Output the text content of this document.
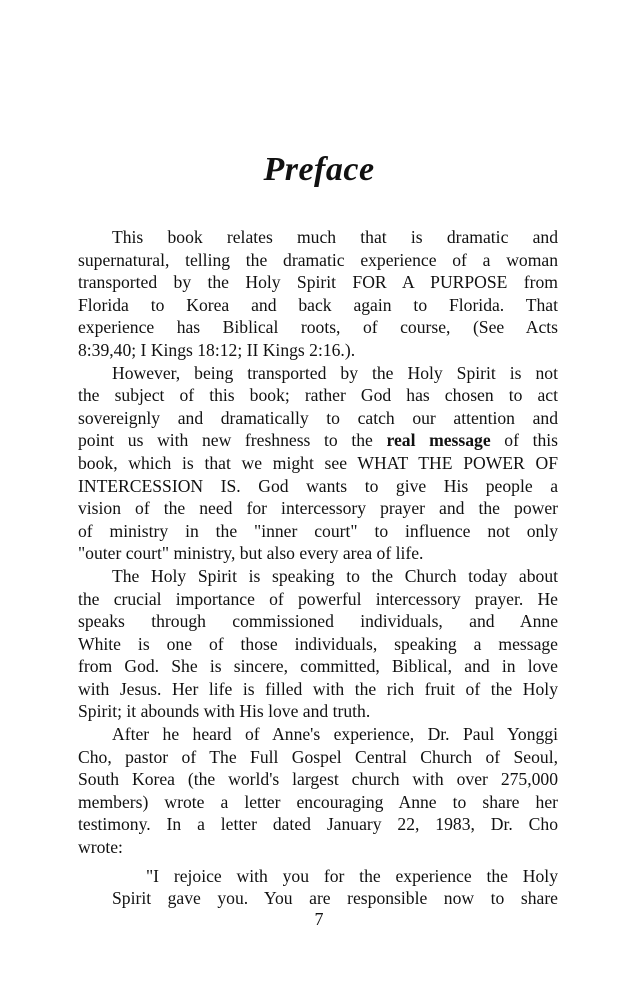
Preface
This book relates much that is dramatic and
supernatural, telling the dramatic experience of a woman
transported by the Holy Spirit FOR A PURPOSE from
Florida to Korea and back again to Florida. That
experience has Biblical roots, of course, (See Acts
8:39,40; I Kings 18:12; II Kings 2:16.).
However, being transported by the Holy Spirit is not
the subject of this book; rather God has chosen to act
sovereignly and dramatically to catch our attention and
point us with new freshness to the real message of this
book, which is that we might see WHAT THE POWER OF
INTERCESSION IS. God wants to give His people a
vision of the need for intercessory prayer and the power
of ministry in the "inner court" to influence not only
"outer court" ministry, but also every area of life.
The Holy Spirit is speaking to the Church today about
the crucial importance of powerful intercessory prayer. He
speaks through commissioned individuals, and Anne
White is one of those individuals, speaking a message
from God. She is sincere, committed, Biblical, and in love
with Jesus. Her life is filled with the rich fruit of the Holy
Spirit; it abounds with His love and truth.
After he heard of Anne's experience, Dr. Paul Yonggi
Cho, pastor of The Full Gospel Central Church of Seoul,
South Korea (the world's largest church with over 275,000
members) wrote a letter encouraging Anne to share her
testimony. In a letter dated January 22, 1983, Dr. Cho
wrote:
"I rejoice with you for the experience the Holy
Spirit gave you. You are responsible now to share
7
